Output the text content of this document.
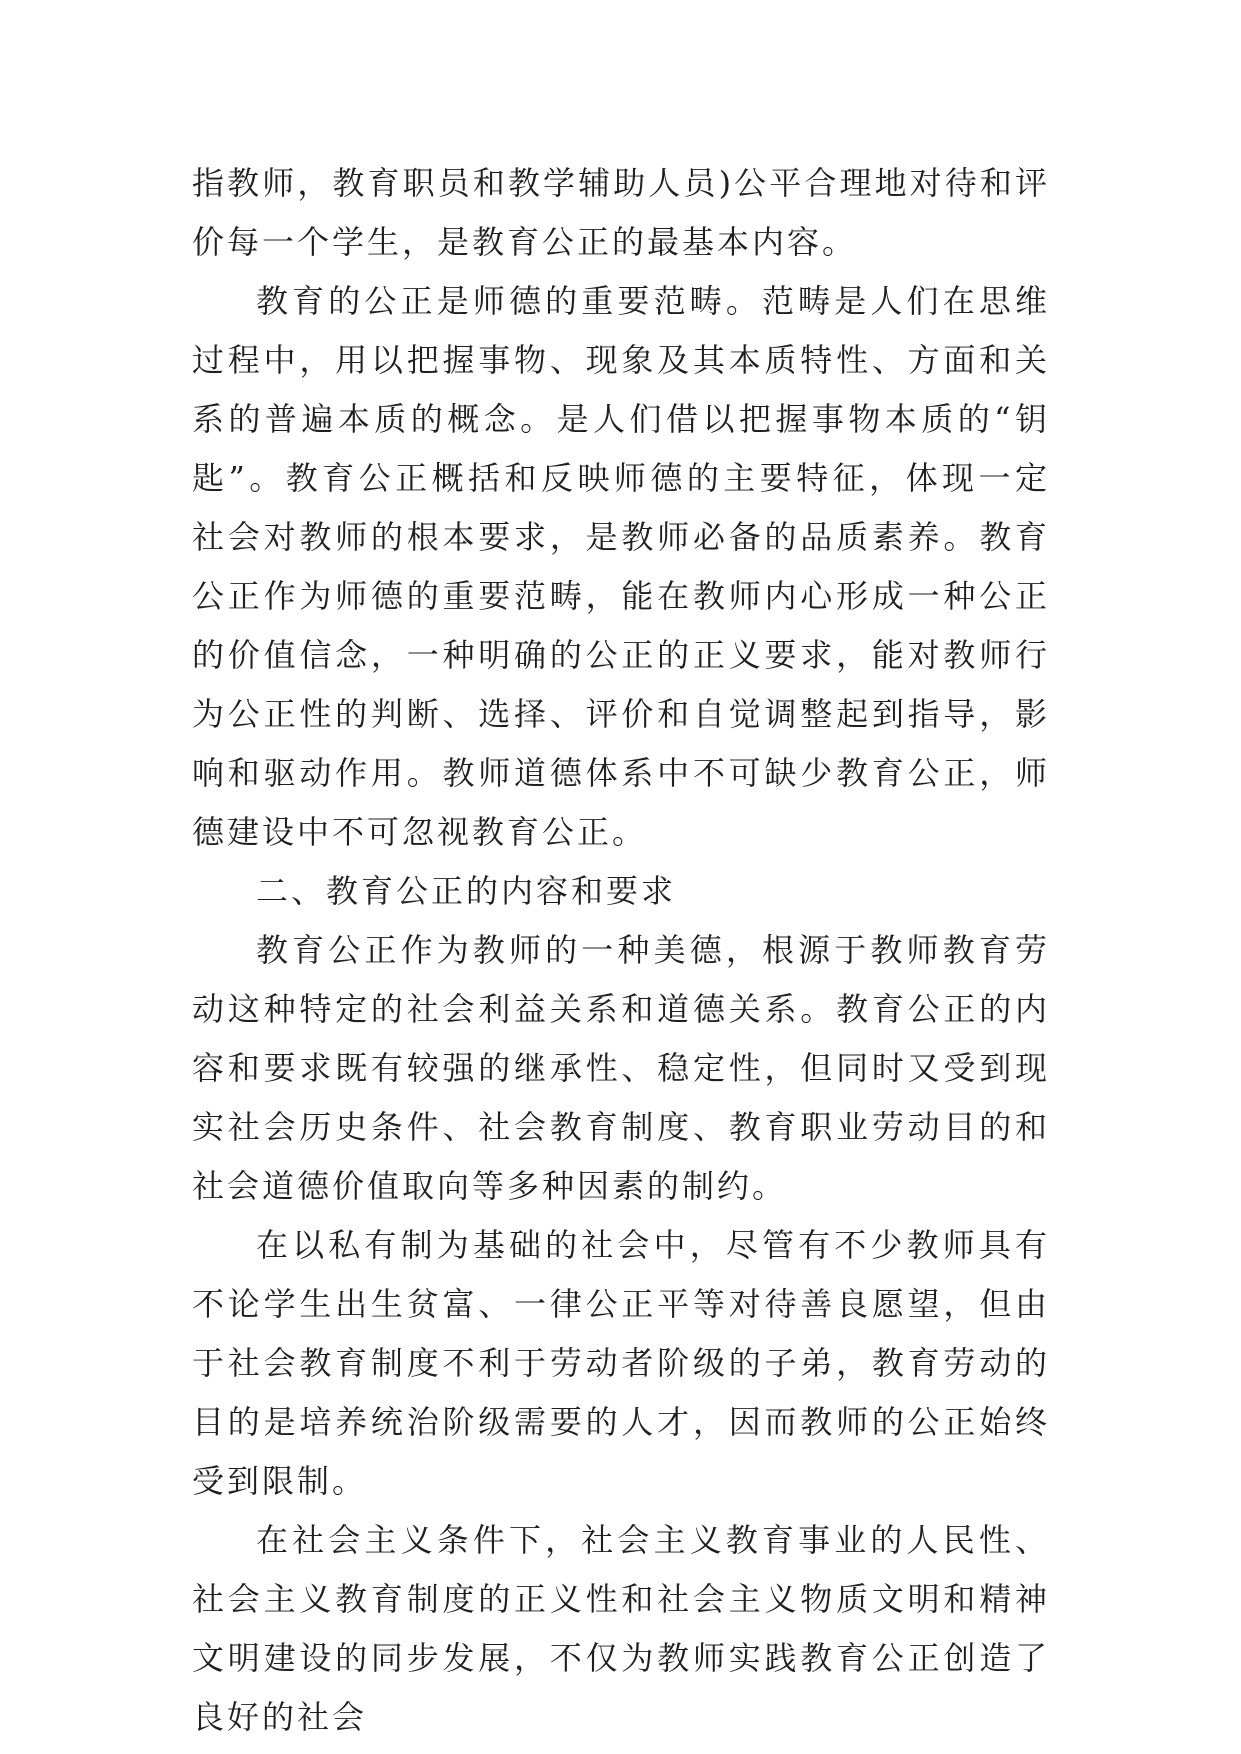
指教师，教育职员和教学辅助人员)公平合理地对待和评价每一个学生，是教育公正的最基本内容。

教育的公正是师德的重要范畴。范畴是人们在思维过程中，用以把握事物、现象及其本质特性、方面和关系的普遍本质的概念。是人们借以把握事物本质的“钥匙”。教育公正概括和反映师德的主要特征，体现一定社会对教师的根本要求，是教师必备的品质素养。教育公正作为师德的重要范畴，能在教师内心形成一种公正的价值信念，一种明确的公正的正义要求，能对教师行为公正性的判断、选择、评价和自觉调整起到指导，影响和驱动作用。教师道德体系中不可缺少教育公正，师德建设中不可忽视教育公正。

二、教育公正的内容和要求

教育公正作为教师的一种美德，根源于教师教育劳动这种特定的社会利益关系和道德关系。教育公正的内容和要求既有较强的继承性、稳定性，但同时又受到现实社会历史条件、社会教育制度、教育职业劳动目的和社会道德价值取向等多种因素的制约。

在以私有制为基础的社会中，尽管有不少教师具有不论学生出生贫富、一律公正平等对待善良愿望，但由于社会教育制度不利于劳动者阶级的子弟，教育劳动的目的是培养统治阶级需要的人才，因而教师的公正始终受到限制。

在社会主义条件下，社会主义教育事业的人民性、社会主义教育制度的正义性和社会主义物质文明和精神文明建设的同步发展，不仅为教师实践教育公正创造了良好的社会
